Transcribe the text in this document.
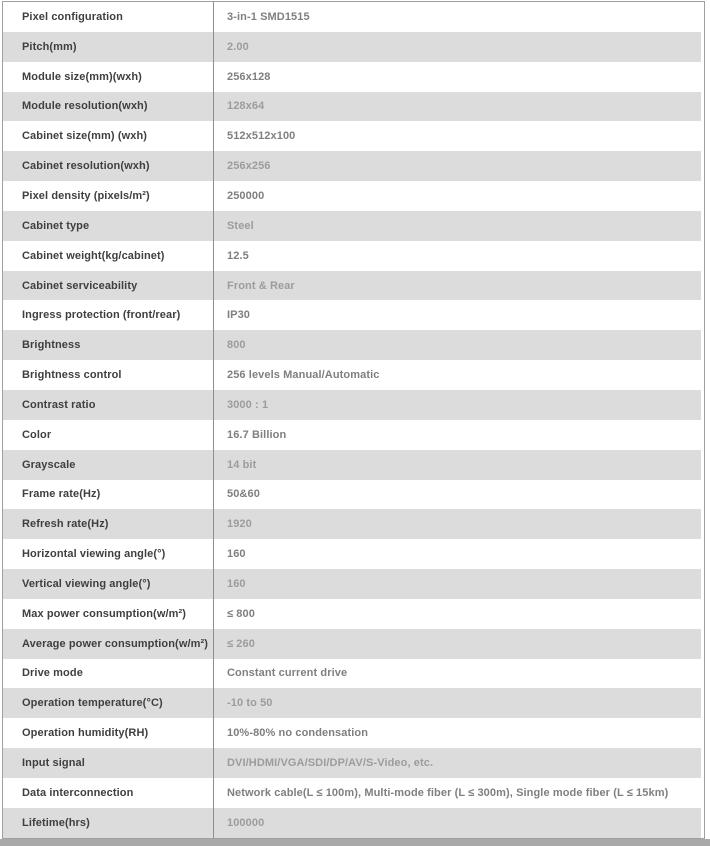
Pixel configuration	3-in-1 SMD1515
Pitch(mm)	2.00
Module size(mm)(wxh)	256x128
Module resolution(wxh)	128x64
Cabinet size(mm) (wxh)	512x512x100
Cabinet resolution(wxh)	256x256
Pixel density (pixels/m²)	250000
Cabinet type	Steel
Cabinet weight(kg/cabinet)	12.5
Cabinet serviceability	Front & Rear
Ingress protection (front/rear)	IP30
Brightness	800
Brightness control	256 levels Manual/Automatic
Contrast ratio	3000 : 1
Color	16.7 Billion
Grayscale	14 bit
Frame rate(Hz)	50&60
Refresh rate(Hz)	1920
Horizontal viewing angle(°)	160
Vertical viewing angle(°)	160
Max power consumption(w/m²)	≤ 800
Average power consumption(w/m²)	≤ 260
Drive mode	Constant current drive
Operation temperature(°C)	-10 to 50
Operation humidity(RH)	10%-80% no condensation
Input signal	DVI/HDMI/VGA/SDI/DP/AV/S-Video, etc.
Data interconnection	Network cable(L ≤ 100m), Multi-mode fiber (L ≤ 300m), Single mode fiber (L ≤ 15km)
Lifetime(hrs)	100000
